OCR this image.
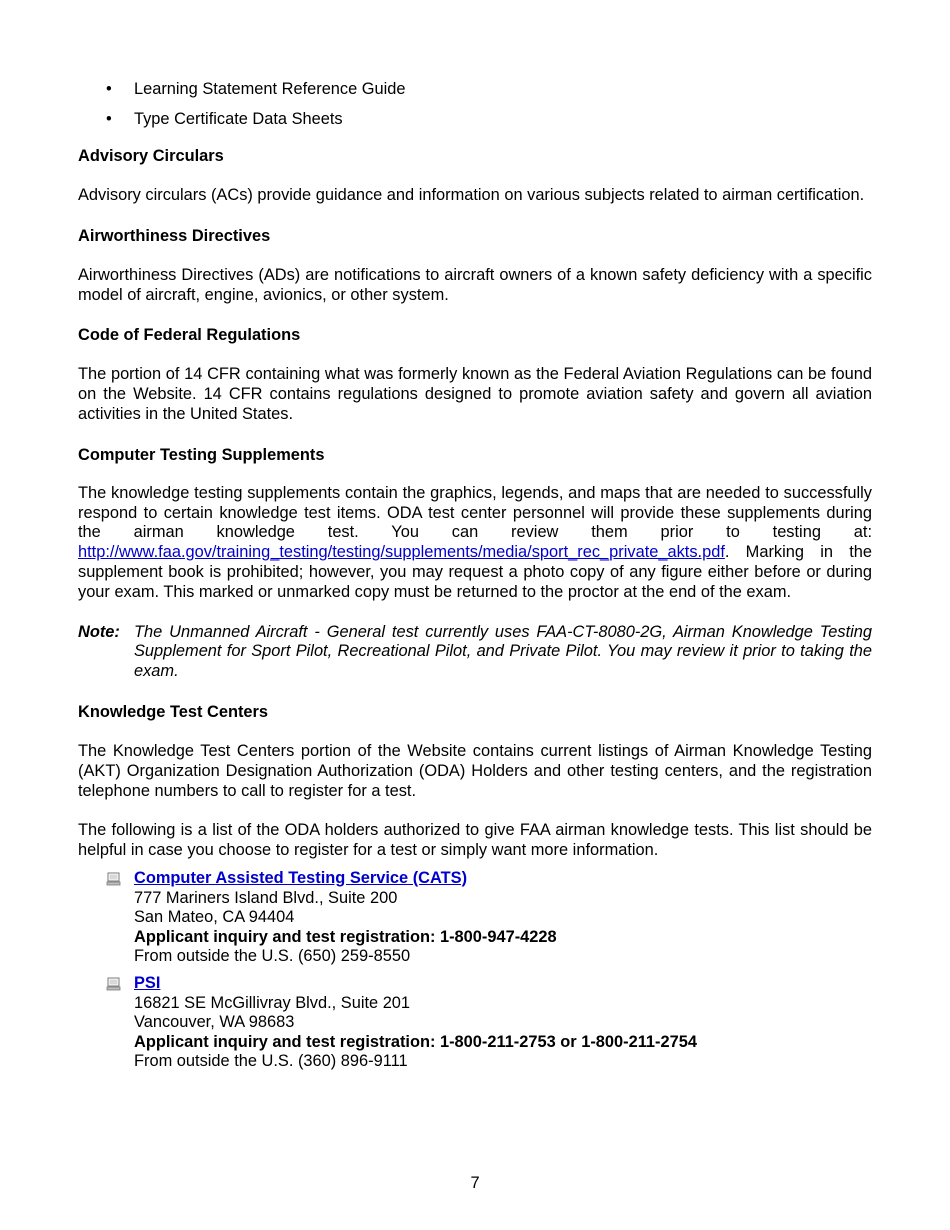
• Learning Statement Reference Guide
• Type Certificate Data Sheets
Advisory Circulars

Advisory circulars (ACs) provide guidance and information on various subjects related to airman certification.

Airworthiness Directives

Airworthiness Directives (ADs) are notifications to aircraft owners of a known safety deficiency with a specific model of aircraft, engine, avionics, or other system.

Code of Federal Regulations

The portion of 14 CFR containing what was formerly known as the Federal Aviation Regulations can be found on the Website. 14 CFR contains regulations designed to promote aviation safety and govern all aviation activities in the United States.

Computer Testing Supplements

The knowledge testing supplements contain the graphics, legends, and maps that are needed to successfully respond to certain knowledge test items. ODA test center personnel will provide these supplements during the airman knowledge test. You can review them prior to testing at: http://www.faa.gov/training_testing/testing/supplements/media/sport_rec_private_akts.pdf. Marking in the supplement book is prohibited; however, you may request a photo copy of any figure either before or during your exam. This marked or unmarked copy must be returned to the proctor at the end of the exam.

Note: The Unmanned Aircraft - General test currently uses FAA-CT-8080-2G, Airman Knowledge Testing Supplement for Sport Pilot, Recreational Pilot, and Private Pilot. You may review it prior to taking the exam.
Knowledge Test Centers

The Knowledge Test Centers portion of the Website contains current listings of Airman Knowledge Testing (AKT) Organization Designation Authorization (ODA) Holders and other testing centers, and the registration telephone numbers to call to register for a test.

The following is a list of the ODA holders authorized to give FAA airman knowledge tests. This list should be helpful in case you choose to register for a test or simply want more information.

Computer Assisted Testing Service (CATS)
777 Mariners Island Blvd., Suite 200
San Mateo, CA 94404
Applicant inquiry and test registration: 1-800-947-4228
From outside the U.S. (650) 259-8550
PSI
16821 SE McGillivray Blvd., Suite 201
Vancouver, WA 98683
Applicant inquiry and test registration: 1-800-211-2753 or 1-800-211-2754
From outside the U.S. (360) 896-9111
7
